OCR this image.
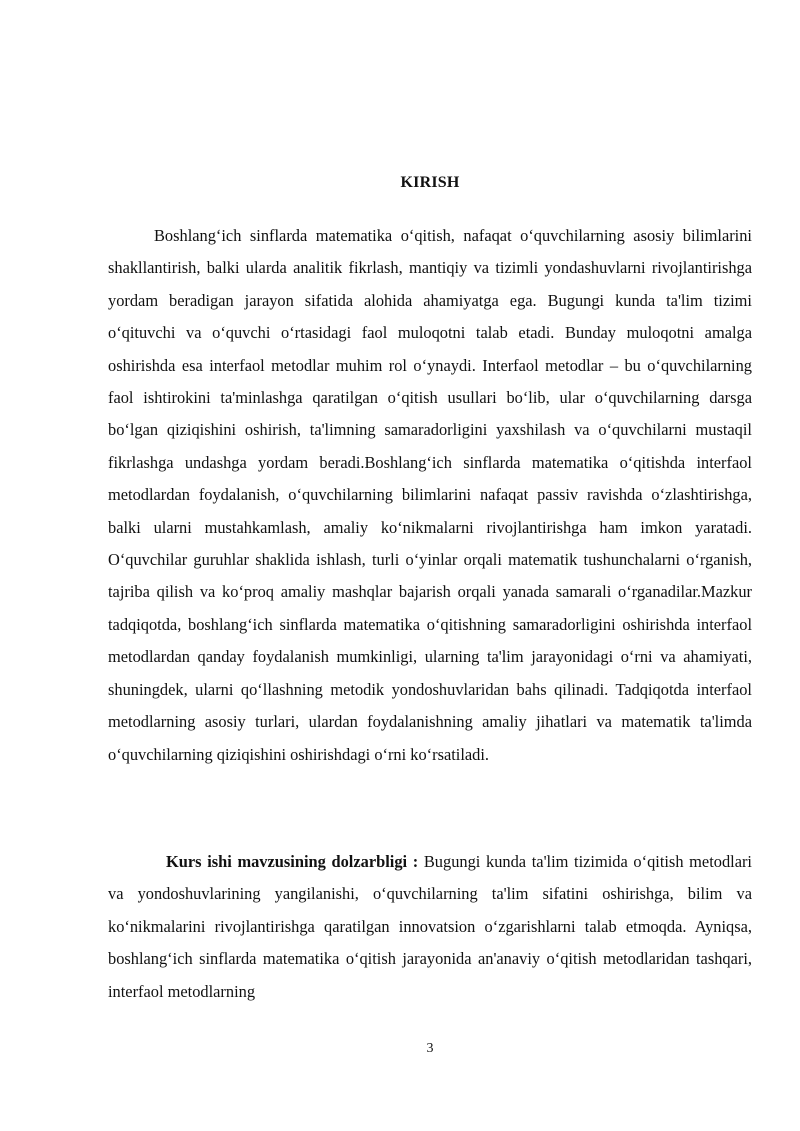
KIRISH

Boshlang‘ich sinflarda matematika o‘qitish, nafaqat o‘quvchilarning asosiy bilimlarini shakllantirish, balki ularda analitik fikrlash, mantiqiy va tizimli yondashuvlarni rivojlantirishga yordam beradigan jarayon sifatida alohida ahamiyatga ega. Bugungi kunda ta'lim tizimi o‘qituvchi va o‘quvchi o‘rtasidagi faol muloqotni talab etadi. Bunday muloqotni amalga oshirishda esa interfaol metodlar muhim rol o‘ynaydi. Interfaol metodlar – bu o‘quvchilarning faol ishtirokini ta'minlashga qaratilgan o‘qitish usullari bo‘lib, ular o‘quvchilarning darsga bo‘lgan qiziqishini oshirish, ta'limning samaradorligini yaxshilash va o‘quvchilarni mustaqil fikrlashga undashga yordam beradi.Boshlang‘ich sinflarda matematika o‘qitishda interfaol metodlardan foydalanish, o‘quvchilarning bilimlarini nafaqat passiv ravishda o‘zlashtirishga, balki ularni mustahkamlash, amaliy ko‘nikmalarni rivojlantirishga ham imkon yaratadi. O‘quvchilar guruhlar shaklida ishlash, turli o‘yinlar orqali matematik tushunchalarni o‘rganish, tajriba qilish va ko‘proq amaliy mashqlar bajarish orqali yanada samarali o‘rganadilar.Mazkur tadqiqotda, boshlang‘ich sinflarda matematika o‘qitishning samaradorligini oshirishda interfaol metodlardan qanday foydalanish mumkinligi, ularning ta'lim jarayonidagi o‘rni va ahamiyati, shuningdek, ularni qo‘llashning metodik yondoshuvlaridan bahs qilinadi. Tadqiqotda interfaol metodlarning asosiy turlari, ulardan foydalanishning amaliy jihatlari va matematik ta'limda o‘quvchilarning qiziqishini oshirishdagi o‘rni ko‘rsatiladi.

Kurs ishi mavzusining dolzarbligi : Bugungi kunda ta'lim tizimida o‘qitish metodlari va yondoshuvlarining yangilanishi, o‘quvchilarning ta'lim sifatini oshirishga, bilim va ko‘nikmalarini rivojlantirishga qaratilgan innovatsion o‘zgarishlarni talab etmoqda. Ayniqsa, boshlang‘ich sinflarda matematika o‘qitish jarayonida an'anaviy o‘qitish metodlaridan tashqari, interfaol metodlarning

3
